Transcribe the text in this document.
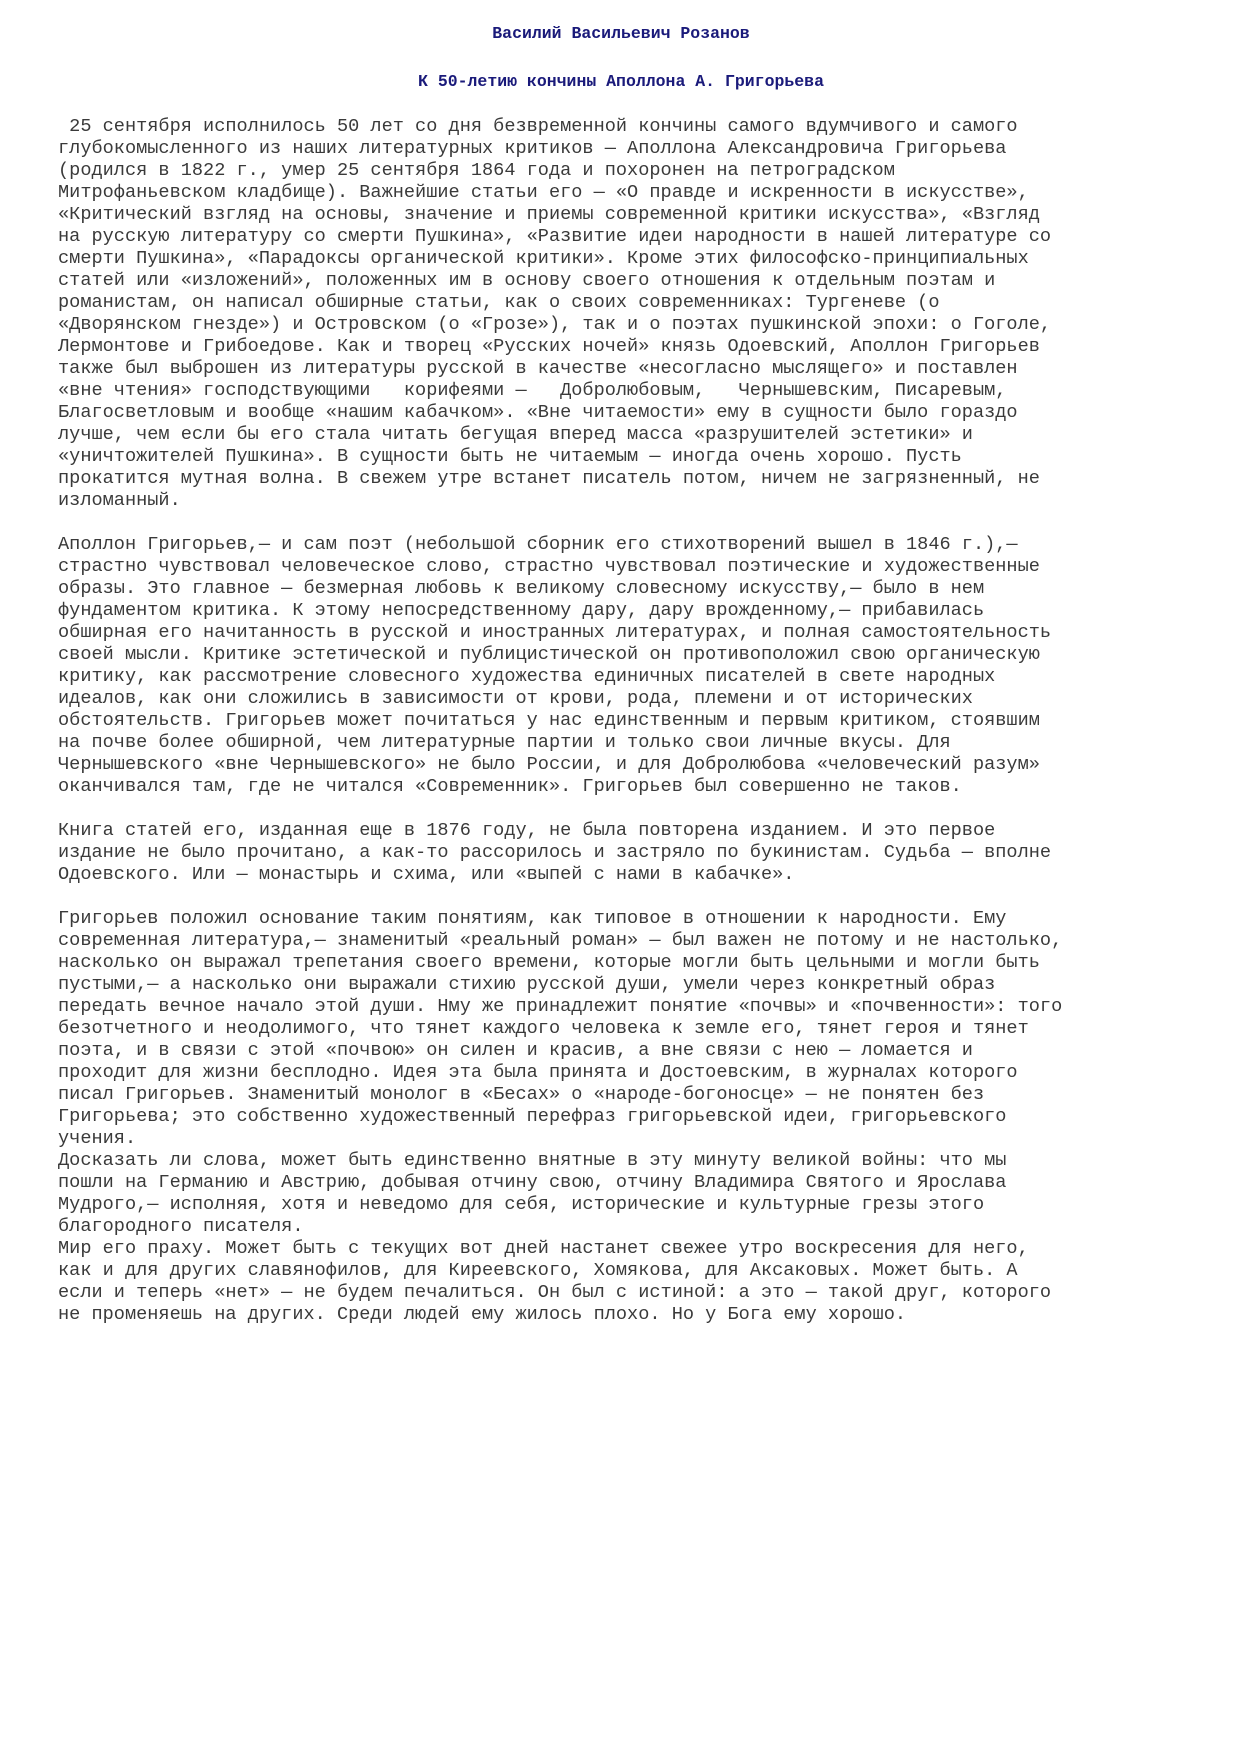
Василий Васильевич Розанов
К 50-летию кончины Аполлона А. Григорьева
25 сентября исполнилось 50 лет со дня безвременной кончины самого вдумчивого и самого
глубокомысленного из наших литературных критиков — Аполлона Александровича Григорьева
(родился в 1822 г., умер 25 сентября 1864 года и похоронен на петроградском
Митрофаньевском кладбище). Важнейшие статьи его — «О правде и искренности в искусстве»,
«Критический взгляд на основы, значение и приемы современной критики искусства», «Взгляд
на русскую литературу со смерти Пушкина», «Развитие идеи народности в нашей литературе со
смерти Пушкина», «Парадоксы органической критики». Кроме этих философско-принципиальных
статей или «изложений», положенных им в основу своего отношения к отдельным поэтам и
романистам, он написал обширные статьи, как о своих современниках: Тургеневе (о
«Дворянском гнезде») и Островском (о «Грозе»), так и о поэтах пушкинской эпохи: о Гоголе,
Лермонтове и Грибоедове. Как и творец «Русских ночей» князь Одоевский, Аполлон Григорьев
также был выброшен из литературы русской в качестве «несогласно мыслящего» и поставлен
«вне чтения» господствующими   корифеями —   Добролюбовым,   Чернышевским, Писаревым,
Благосветловым и вообще «нашим кабачком». «Вне читаемости» ему в сущности было гораздо
лучше, чем если бы его стала читать бегущая вперед масса «разрушителей эстетики» и
«уничтожителей Пушкина». В сущности быть не читаемым — иногда очень хорошо. Пусть
прокатится мутная волна. В свежем утре встанет писатель потом, ничем не загрязненный, не
изломанный.
Аполлон Григорьев,— и сам поэт (небольшой сборник его стихотворений вышел в 1846 г.),—
страстно чувствовал человеческое слово, страстно чувствовал поэтические и художественные
образы. Это главное — безмерная любовь к великому словесному искусству,— было в нем
фундаментом критика. К этому непосредственному дару, дару врожденному,— прибавилась
обширная его начитанность в русской и иностранных литературах, и полная самостоятельность
своей мысли. Критике эстетической и публицистической он противоположил свою органическую
критику, как рассмотрение словесного художества единичных писателей в свете народных
идеалов, как они сложились в зависимости от крови, рода, племени и от исторических
обстоятельств. Григорьев может почитаться у нас единственным и первым критиком, стоявшим
на почве более обширной, чем литературные партии и только свои личные вкусы. Для
Чернышевского «вне Чернышевского» не было России, и для Добролюбова «человеческий разум»
оканчивался там, где не читался «Современник». Григорьев был совершенно не таков.
Книга статей его, изданная еще в 1876 году, не была повторена изданием. И это первое
издание не было прочитано, а как-то рассорилось и застряло по букинистам. Судьба — вполне
Одоевского. Или — монастырь и схима, или «выпей с нами в кабачке».
Григорьев положил основание таким понятиям, как типовое в отношении к народности. Ему
современная литература,— знаменитый «реальный роман» — был важен не потому и не настолько,
насколько он выражал трепетания своего времени, которые могли быть цельными и могли быть
пустыми,— а насколько они выражали стихию русской души, умели через конкретный образ
передать вечное начало этой души. Нму же принадлежит понятие «почвы» и «почвенности»: того
безотчетного и неодолимого, что тянет каждого человека к земле его, тянет героя и тянет
поэта, и в связи с этой «почвою» он силен и красив, а вне связи с нею — ломается и
проходит для жизни бесплодно. Идея эта была принята и Достоевским, в журналах которого
писал Григорьев. Знаменитый монолог в «Бесах» о «народе-богоносце» — не понятен без
Григорьева; это собственно художественный перефраз григорьевской идеи, григорьевского
учения.
Досказать ли слова, может быть единственно внятные в эту минуту великой войны: что мы
пошли на Германию и Австрию, добывая отчину свою, отчину Владимира Святого и Ярослава
Мудрого,— исполняя, хотя и неведомо для себя, исторические и культурные грезы этого
благородного писателя.
Мир его праху. Может быть с текущих вот дней настанет свежее утро воскресения для него,
как и для других славянофилов, для Киреевского, Хомякова, для Аксаковых. Может быть. А
если и теперь «нет» — не будем печалиться. Он был с истиной: а это — такой друг, которого
не променяешь на других. Среди людей ему жилось плохо. Но у Бога ему хорошо.
